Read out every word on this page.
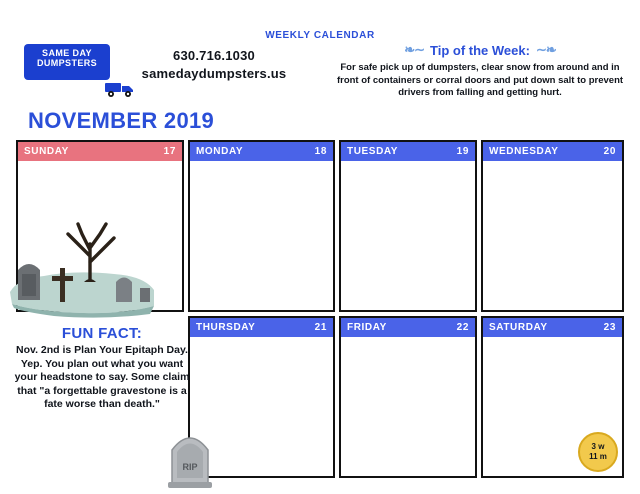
WEEKLY CALENDAR
SAME DAY
DUMPSTERS	630.716.1030
samedaydumpsters.us
❧∼ Tip of the Week: ∼❧
For safe pick up of dumpsters, clear snow from around and in front of containers or corral doors and put down salt to prevent drivers from falling and getting hurt.
NOVEMBER 2019
SUNDAY	17 MONDAY	18 TUESDAY	19 WEDNESDAY	20
THURSDAY	21 FRIDAY	22 SATURDAY	23
FUN FACT:
Nov. 2nd is Plan Your Epitaph Day. Yep. You plan out what you want your headstone to say. Some claim that "a forgettable gravestone is a fate worse than death."
RIP
3 w
11 m
